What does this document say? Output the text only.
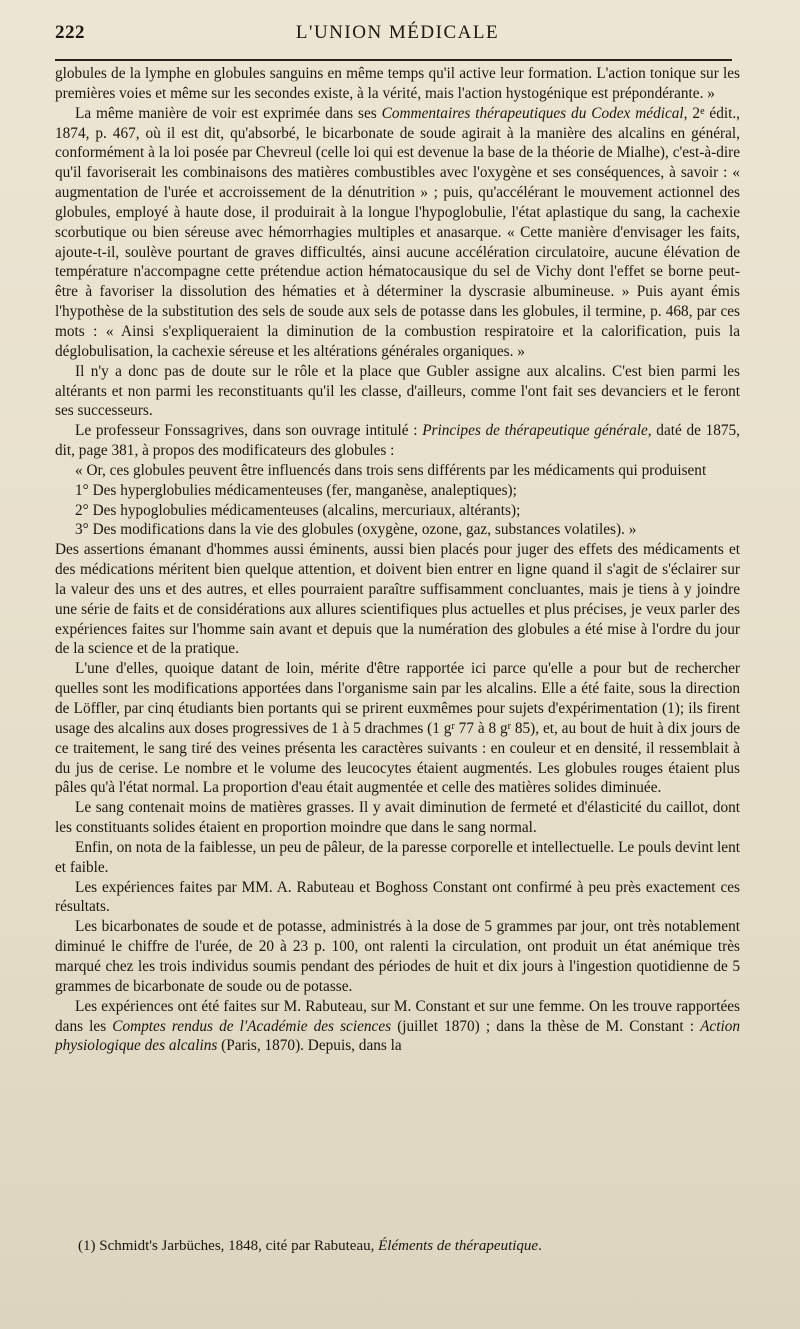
222	L'UNION MÉDICALE

globules de la lymphe en globules sanguins en même temps qu'il active leur formation. L'action tonique sur les premières voies et même sur les secondes existe, à la vérité, mais l'action hystogénique est prépondérante. »

La même manière de voir est exprimée dans ses Commentaires thérapeutiques du Codex médical, 2e édit., 1874, p. 467, où il est dit, qu'absorbé, le bicarbonate de soude agirait à la manière des alcalins en général, conformément à la loi posée par Chevreul (celle loi qui est devenue la base de la théorie de Mialhe), c'est-à-dire qu'il favoriserait les combinaisons des matières combustibles avec l'oxygène et ses conséquences, à savoir : « augmentation de l'urée et accroissement de la dénutrition » ; puis, qu'accélérant le mouvement actionnel des globules, employé à haute dose, il produirait à la longue l'hypoglobulie, l'état aplastique du sang, la cachexie scorbutique ou bien séreuse avec hémorrhagies multiples et anasarque. « Cette manière d'envisager les faits, ajoute-t-il, soulève pourtant de graves difficultés, ainsi aucune accélération circulatoire, aucune élévation de température n'accompagne cette prétendue action hématocausique du sel de Vichy dont l'effet se borne peut-être à favoriser la dissolution des hématies et à déterminer la dyscrasie albumineuse. » Puis ayant émis l'hypothèse de la substitution des sels de soude aux sels de potasse dans les globules, il termine, p. 468, par ces mots : « Ainsi s'expliqueraient la diminution de la combustion respiratoire et la calorification, puis la déglobulisation, la cachexie séreuse et les altérations générales organiques. »

Il n'y a donc pas de doute sur le rôle et la place que Gubler assigne aux alcalins. C'est bien parmi les altérants et non parmi les reconstituants qu'il les classe, d'ailleurs, comme l'ont fait ses devanciers et le feront ses successeurs.

Le professeur Fonssagrives, dans son ouvrage intitulé : Principes de thérapeutique générale, daté de 1875, dit, page 381, à propos des modificateurs des globules :

« Or, ces globules peuvent être influencés dans trois sens différents par les médicaments qui produisent

1° Des hyperglobulies médicamenteuses (fer, manganèse, analeptiques);

2° Des hypoglobulies médicamenteuses (alcalins, mercuriaux, altérants);

3° Des modifications dans la vie des globules (oxygène, ozone, gaz, substances volatiles). »

Des assertions émanant d'hommes aussi éminents, aussi bien placés pour juger des effets des médicaments et des médications méritent bien quelque attention, et doivent bien entrer en ligne quand il s'agit de s'éclairer sur la valeur des uns et des autres, et elles pourraient paraître suffisamment concluantes, mais je tiens à y joindre une série de faits et de considérations aux allures scientifiques plus actuelles et plus précises, je veux parler des expériences faites sur l'homme sain avant et depuis que la numération des globules a été mise à l'ordre du jour de la science et de la pratique.

L'une d'elles, quoique datant de loin, mérite d'être rapportée ici parce qu'elle a pour but de rechercher quelles sont les modifications apportées dans l'organisme sain par les alcalins. Elle a été faite, sous la direction de Löffler, par cinq étudiants bien portants qui se prirent euxmêmes pour sujets d'expérimentation (1); ils firent usage des alcalins aux doses progressives de 1 à 5 drachmes (1 $g^r$ 77 à 8 $g^r$ 85), et, au bout de huit à dix jours de ce traitement, le sang tiré des veines présenta les caractères suivants : en couleur et en densité, il ressemblait à du jus de cerise. Le nombre et le volume des leucocytes étaient augmentés. Les globules rouges étaient plus pâles qu'à l'état normal. La proportion d'eau était augmentée et celle des matières solides diminuée.

Le sang contenait moins de matières grasses. Il y avait diminution de fermeté et d'élasticité du caillot, dont les constituants solides étaient en proportion moindre que dans le sang normal.

Enfin, on nota de la faiblesse, un peu de pâleur, de la paresse corporelle et intellectuelle. Le pouls devint lent et faible.

Les expériences faites par MM. A. Rabuteau et Boghoss Constant ont confirmé à peu près exactement ces résultats.

Les bicarbonates de soude et de potasse, administrés à la dose de 5 grammes par jour, ont très notablement diminué le chiffre de l'urée, de 20 à 23 p. 100, ont ralenti la circulation, ont produit un état anémique très marqué chez les trois individus soumis pendant des périodes de huit et dix jours à l'ingestion quotidienne de 5 grammes de bicarbonate de soude ou de potasse.

Les expériences ont été faites sur M. Rabuteau, sur M. Constant et sur une femme. On les trouve rapportées dans les Comptes rendus de l'Académie des sciences (juillet 1870) ; dans la thèse de M. Constant : Action physiologique des alcalins (Paris, 1870). Depuis, dans la

(1) Schmidt's Jarbüches, 1848, cité par Rabuteau, Éléments de thérapeutique.
